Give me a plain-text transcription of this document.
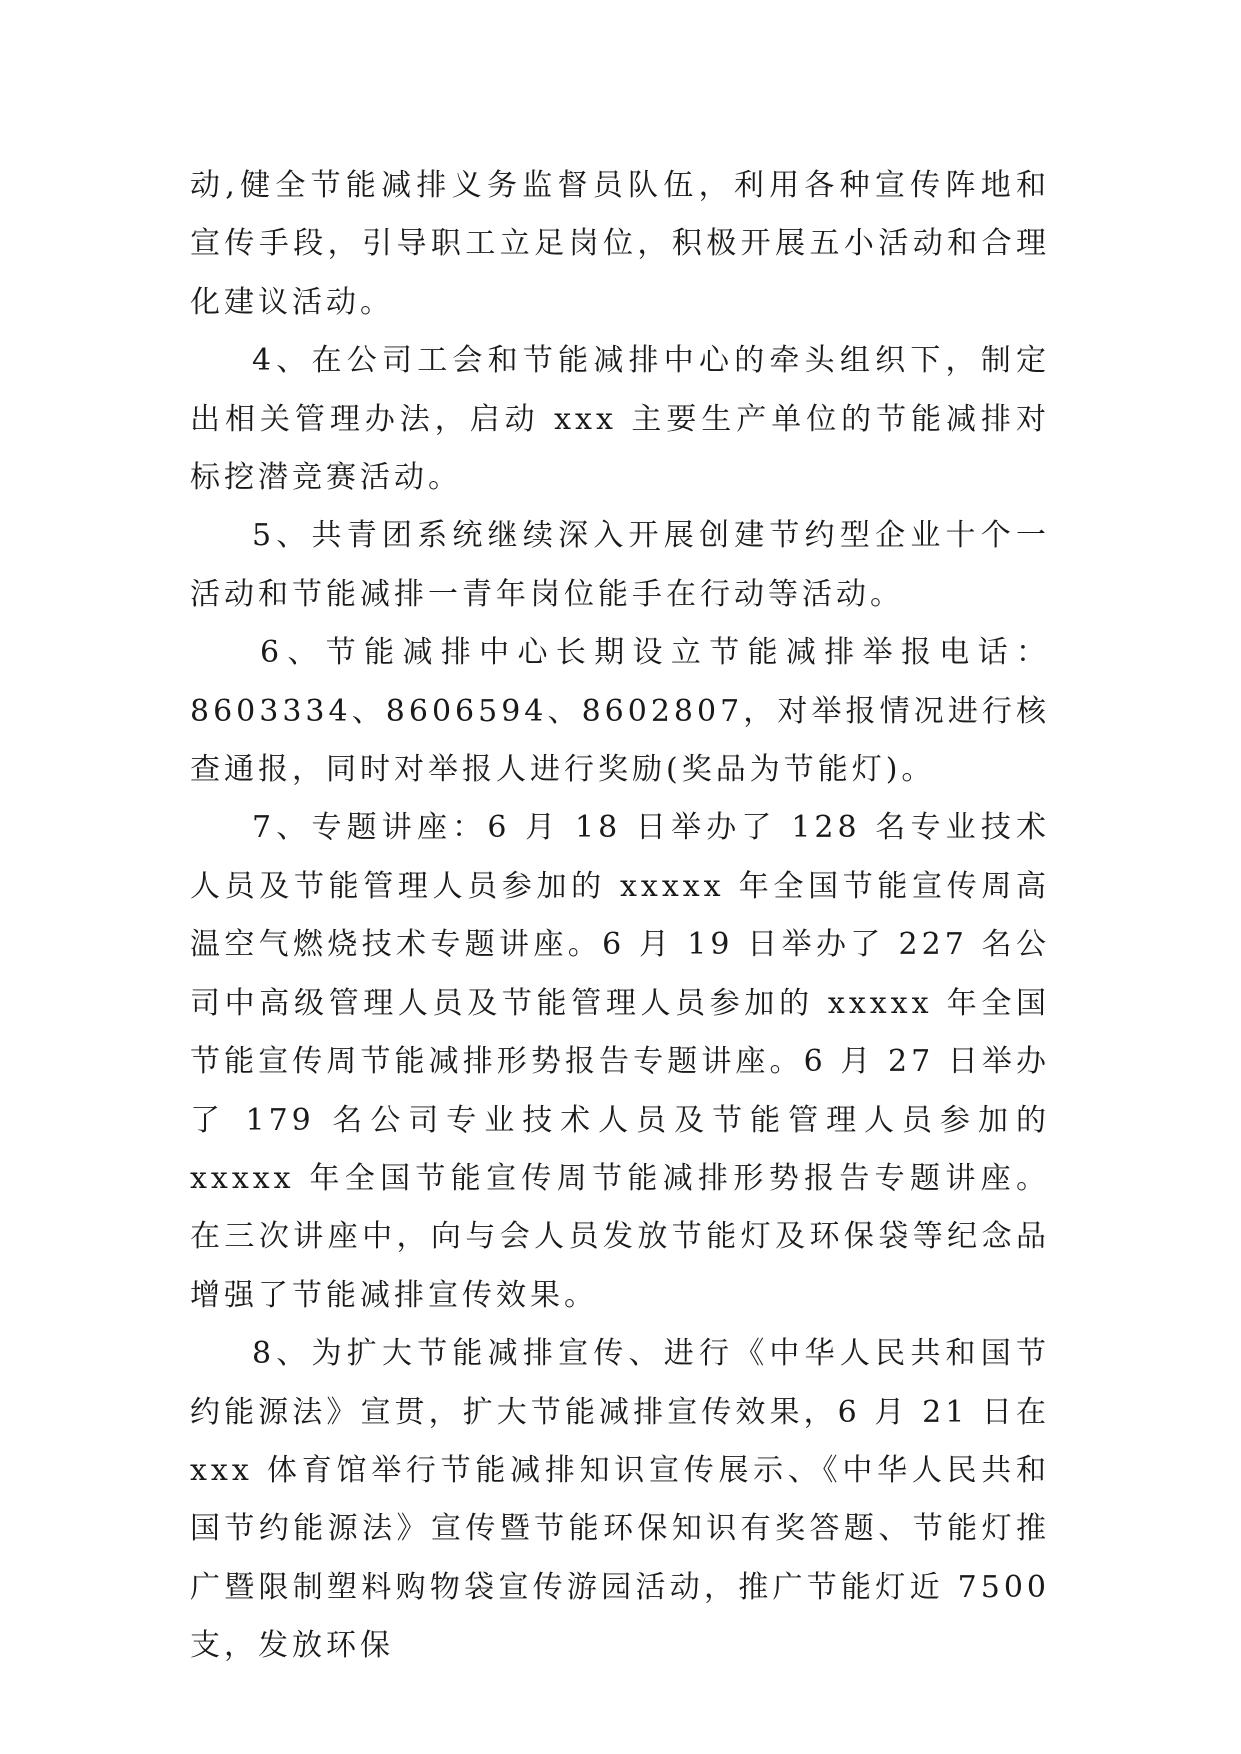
动,健全节能减排义务监督员队伍，利用各种宣传阵地和宣传手段，引导职工立足岗位，积极开展五小活动和合理化建议活动。

4、在公司工会和节能减排中心的牵头组织下，制定出相关管理办法，启动 xxx 主要生产单位的节能减排对标挖潜竞赛活动。

5、共青团系统继续深入开展创建节约型企业十个一活动和节能减排一青年岗位能手在行动等活动。

6、节能减排中心长期设立节能减排举报电话：8603334、8606594、8602807，对举报情况进行核查通报，同时对举报人进行奖励(奖品为节能灯)。

7、专题讲座：6 月 18 日举办了 128 名专业技术人员及节能管理人员参加的 xxxxx 年全国节能宣传周高温空气燃烧技术专题讲座。6 月 19 日举办了 227 名公司中高级管理人员及节能管理人员参加的 xxxxx 年全国节能宣传周节能减排形势报告专题讲座。6 月 27 日举办了 179 名公司专业技术人员及节能管理人员参加的 xxxxx 年全国节能宣传周节能减排形势报告专题讲座。在三次讲座中，向与会人员发放节能灯及环保袋等纪念品增强了节能减排宣传效果。

8、为扩大节能减排宣传、进行《中华人民共和国节约能源法》宣贯，扩大节能减排宣传效果，6 月 21 日在 xxx 体育馆举行节能减排知识宣传展示、《中华人民共和国节约能源法》宣传暨节能环保知识有奖答题、节能灯推广暨限制塑料购物袋宣传游园活动，推广节能灯近 7500 支，发放环保
